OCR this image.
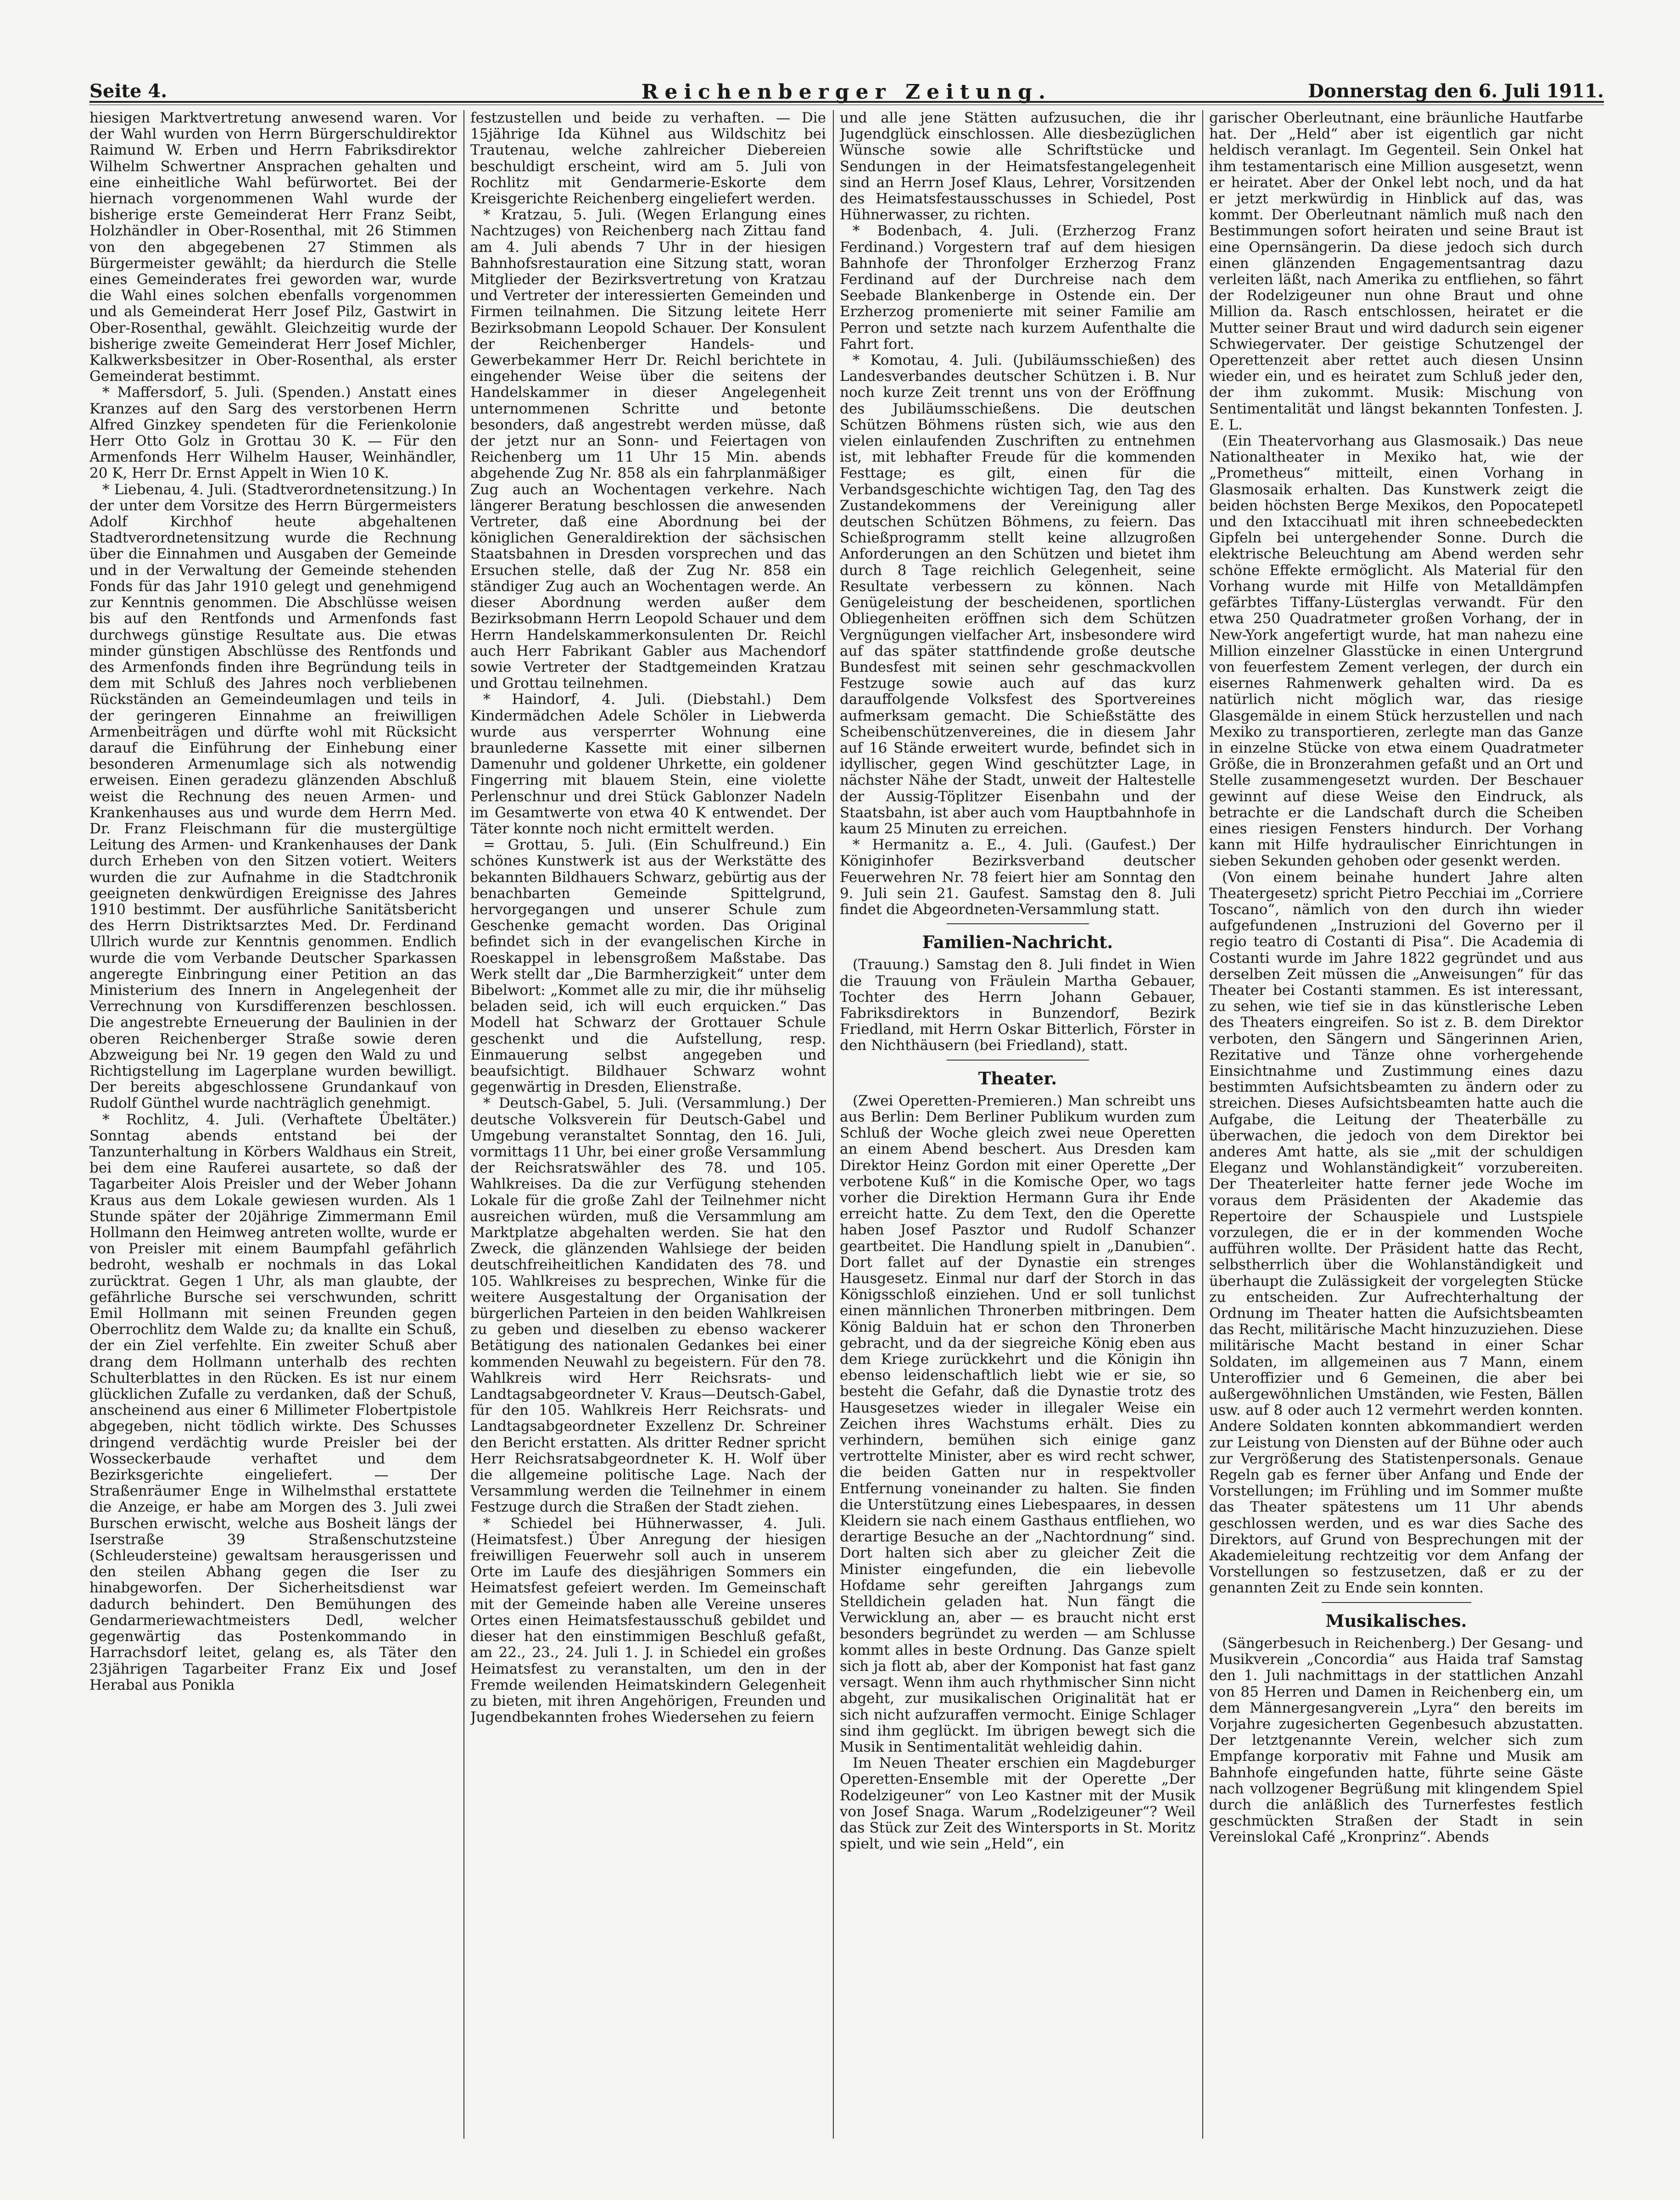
Seite 4.	Reichenberger Zeitung.	Donnerstag den 6. Juli 1911.

hiesigen Marktvertretung anwesend waren. Vor der Wahl wurden von Herrn Bürgerschuldirektor Raimund W. Erben und Herrn Fabriksdirektor Wilhelm Schwertner Ansprachen gehalten und eine einheitliche Wahl befürwortet. Bei der hiernach vorgenommenen Wahl wurde der bisherige erste Gemeinderat Herr Franz Seibt, Holzhändler in Ober-Rosenthal, mit 26 Stimmen von den abgegebenen 27 Stimmen als Bürgermeister gewählt; da hierdurch die Stelle eines Gemeinderates frei geworden war, wurde die Wahl eines solchen ebenfalls vorgenommen und als Gemeinderat Herr Josef Pilz, Gastwirt in Ober-Rosenthal, gewählt. Gleichzeitig wurde der bisherige zweite Gemeinderat Herr Josef Michler, Kalkwerksbesitzer in Ober-Rosenthal, als erster Gemeinderat bestimmt.

* Maffersdorf, 5. Juli. (Spenden.) Anstatt eines Kranzes auf den Sarg des verstorbenen Herrn Alfred Ginzkey spendeten für die Ferienkolonie Herr Otto Golz in Grottau 30 K. — Für den Armenfonds Herr Wilhelm Hauser, Weinhändler, 20 K, Herr Dr. Ernst Appelt in Wien 10 K.

* Liebenau, 4. Juli. (Stadtverordnetensitzung.) In der unter dem Vorsitze des Herrn Bürgermeisters Adolf Kirchhof heute abgehaltenen Stadtverordnetensitzung wurde die Rechnung über die Einnahmen und Ausgaben der Gemeinde und in der Verwaltung der Gemeinde stehenden Fonds für das Jahr 1910 gelegt und genehmigend zur Kenntnis genommen. Die Abschlüsse weisen bis auf den Rentfonds und Armenfonds fast durchwegs günstige Resultate aus. Die etwas minder günstigen Abschlüsse des Rentfonds und des Armenfonds finden ihre Begründung teils in dem mit Schluß des Jahres noch verbliebenen Rückständen an Gemeindeumlagen und teils in der geringeren Einnahme an freiwilligen Armenbeiträgen und dürfte wohl mit Rücksicht darauf die Einführung der Einhebung einer besonderen Armenumlage sich als notwendig erweisen. Einen geradezu glänzenden Abschluß weist die Rechnung des neuen Armen- und Krankenhauses aus und wurde dem Herrn Med. Dr. Franz Fleischmann für die mustergültige Leitung des Armen- und Krankenhauses der Dank durch Erheben von den Sitzen votiert. Weiters wurden die zur Aufnahme in die Stadtchronik geeigneten denkwürdigen Ereignisse des Jahres 1910 bestimmt. Der ausführliche Sanitätsbericht des Herrn Distriktsarztes Med. Dr. Ferdinand Ullrich wurde zur Kenntnis genommen. Endlich wurde die vom Verbande Deutscher Sparkassen angeregte Einbringung einer Petition an das Ministerium des Innern in Angelegenheit der Verrechnung von Kursdifferenzen beschlossen. Die angestrebte Erneuerung der Baulinien in der oberen Reichenberger Straße sowie deren Abzweigung bei Nr. 19 gegen den Wald zu und Richtigstellung im Lagerplane wurden bewilligt. Der bereits abgeschlossene Grundankauf von Rudolf Günthel wurde nachträglich genehmigt.

* Rochlitz, 4. Juli. (Verhaftete Übeltäter.) Sonntag abends entstand bei der Tanzunterhaltung in Körbers Waldhaus ein Streit, bei dem eine Rauferei ausartete, so daß der Tagarbeiter Alois Preisler und der Weber Johann Kraus aus dem Lokale gewiesen wurden. Als 1 Stunde später der 20jährige Zimmermann Emil Hollmann den Heimweg antreten wollte, wurde er von Preisler mit einem Baumpfahl gefährlich bedroht, weshalb er nochmals in das Lokal zurücktrat. Gegen 1 Uhr, als man glaubte, der gefährliche Bursche sei verschwunden, schritt Emil Hollmann mit seinen Freunden gegen Oberrochlitz dem Walde zu; da knallte ein Schuß, der ein Ziel verfehlte. Ein zweiter Schuß aber drang dem Hollmann unterhalb des rechten Schulterblattes in den Rücken. Es ist nur einem glücklichen Zufalle zu verdanken, daß der Schuß, anscheinend aus einer 6 Millimeter Flobertpistole abgegeben, nicht tödlich wirkte. Des Schusses dringend verdächtig wurde Preisler bei der Wosseckerbaude verhaftet und dem Bezirksgerichte eingeliefert. — Der Straßenräumer Enge in Wilhelmsthal erstattete die Anzeige, er habe am Morgen des 3. Juli zwei Burschen erwischt, welche aus Bosheit längs der Iserstraße 39 Straßenschutzsteine (Schleudersteine) gewaltsam herausgerissen und den steilen Abhang gegen die Iser zu hinabgeworfen. Der Sicherheitsdienst war dadurch behindert. Den Bemühungen des Gendarmeriewachtmeisters Dedl, welcher gegenwärtig das Postenkommando in Harrachsdorf leitet, gelang es, als Täter den 23jährigen Tagarbeiter Franz Eix und Josef Herabal aus Ponikla

festzustellen und beide zu verhaften. — Die 15jährige Ida Kühnel aus Wildschitz bei Trautenau, welche zahlreicher Diebereien beschuldigt erscheint, wird am 5. Juli von Rochlitz mit Gendarmerie-Eskorte dem Kreisgerichte Reichenberg eingeliefert werden.

* Kratzau, 5. Juli. (Wegen Erlangung eines Nachtzuges) von Reichenberg nach Zittau fand am 4. Juli abends 7 Uhr in der hiesigen Bahnhofsrestauration eine Sitzung statt, woran Mitglieder der Bezirksvertretung von Kratzau und Vertreter der interessierten Gemeinden und Firmen teilnahmen. Die Sitzung leitete Herr Bezirksobmann Leopold Schauer. Der Konsulent der Reichenberger Handels- und Gewerbekammer Herr Dr. Reichl berichtete in eingehender Weise über die seitens der Handelskammer in dieser Angelegenheit unternommenen Schritte und betonte besonders, daß angestrebt werden müsse, daß der jetzt nur an Sonn- und Feiertagen von Reichenberg um 11 Uhr 15 Min. abends abgehende Zug Nr. 858 als ein fahrplanmäßiger Zug auch an Wochentagen verkehre. Nach längerer Beratung beschlossen die anwesenden Vertreter, daß eine Abordnung bei der königlichen Generaldirektion der sächsischen Staatsbahnen in Dresden vorsprechen und das Ersuchen stelle, daß der Zug Nr. 858 ein ständiger Zug auch an Wochentagen werde. An dieser Abordnung werden außer dem Bezirksobmann Herrn Leopold Schauer und dem Herrn Handelskammerkonsulenten Dr. Reichl auch Herr Fabrikant Gabler aus Machendorf sowie Vertreter der Stadtgemeinden Kratzau und Grottau teilnehmen.

* Haindorf, 4. Juli. (Diebstahl.) Dem Kindermädchen Adele Schöler in Liebwerda wurde aus versperrter Wohnung eine braunlederne Kassette mit einer silbernen Damenuhr und goldener Uhrkette, ein goldener Fingerring mit blauem Stein, eine violette Perlenschnur und drei Stück Gablonzer Nadeln im Gesamtwerte von etwa 40 K entwendet. Der Täter konnte noch nicht ermittelt werden.

= Grottau, 5. Juli. (Ein Schulfreund.) Ein schönes Kunstwerk ist aus der Werkstätte des bekannten Bildhauers Schwarz, gebürtig aus der benachbarten Gemeinde Spittelgrund, hervorgegangen und unserer Schule zum Geschenke gemacht worden. Das Original befindet sich in der evangelischen Kirche in Roeskappel in lebensgroßem Maßstabe. Das Werk stellt dar „Die Barmherzigkeit“ unter dem Bibelwort: „Kommet alle zu mir, die ihr mühselig beladen seid, ich will euch erquicken.“ Das Modell hat Schwarz der Grottauer Schule geschenkt und die Aufstellung, resp. Einmauerung selbst angegeben und beaufsichtigt. Bildhauer Schwarz wohnt gegenwärtig in Dresden, Elienstraße.

* Deutsch-Gabel, 5. Juli. (Versammlung.) Der deutsche Volksverein für Deutsch-Gabel und Umgebung veranstaltet Sonntag, den 16. Juli, vormittags 11 Uhr, bei einer große Versammlung der Reichsratswähler des 78. und 105. Wahlkreises. Da die zur Verfügung stehenden Lokale für die große Zahl der Teilnehmer nicht ausreichen würden, muß die Versammlung am Marktplatze abgehalten werden. Sie hat den Zweck, die glänzenden Wahlsiege der beiden deutschfreiheitlichen Kandidaten des 78. und 105. Wahlkreises zu besprechen, Winke für die weitere Ausgestaltung der Organisation der bürgerlichen Parteien in den beiden Wahlkreisen zu geben und dieselben zu ebenso wackerer Betätigung des nationalen Gedankes bei einer kommenden Neuwahl zu begeistern. Für den 78. Wahlkreis wird Herr Reichsrats- und Landtagsabgeordneter V. Kraus—Deutsch-Gabel, für den 105. Wahlkreis Herr Reichsrats- und Landtagsabgeordneter Exzellenz Dr. Schreiner den Bericht erstatten. Als dritter Redner spricht Herr Reichsratsabgeordneter K. H. Wolf über die allgemeine politische Lage. Nach der Versammlung werden die Teilnehmer in einem Festzuge durch die Straßen der Stadt ziehen.

* Schiedel bei Hühnerwasser, 4. Juli. (Heimatsfest.) Über Anregung der hiesigen freiwilligen Feuerwehr soll auch in unserem Orte im Laufe des diesjährigen Sommers ein Heimatsfest gefeiert werden. Im Gemeinschaft mit der Gemeinde haben alle Vereine unseres Ortes einen Heimatsfestausschuß gebildet und dieser hat den einstimmigen Beschluß gefaßt, am 22., 23., 24. Juli 1. J. in Schiedel ein großes Heimatsfest zu veranstalten, um den in der Fremde weilenden Heimatskindern Gelegenheit zu bieten, mit ihren Angehörigen, Freunden und Jugendbekannten frohes Wiedersehen zu feiern

und alle jene Stätten aufzusuchen, die ihr Jugendglück einschlossen. Alle diesbezüglichen Wünsche sowie alle Schriftstücke und Sendungen in der Heimatsfestangelegenheit sind an Herrn Josef Klaus, Lehrer, Vorsitzenden des Heimatsfestausschusses in Schiedel, Post Hühnerwasser, zu richten.

* Bodenbach, 4. Juli. (Erzherzog Franz Ferdinand.) Vorgestern traf auf dem hiesigen Bahnhofe der Thronfolger Erzherzog Franz Ferdinand auf der Durchreise nach dem Seebade Blankenberge in Ostende ein. Der Erzherzog promenierte mit seiner Familie am Perron und setzte nach kurzem Aufenthalte die Fahrt fort.

* Komotau, 4. Juli. (Jubiläumsschießen) des Landesverbandes deutscher Schützen i. B. Nur noch kurze Zeit trennt uns von der Eröffnung des Jubiläumsschießens. Die deutschen Schützen Böhmens rüsten sich, wie aus den vielen einlaufenden Zuschriften zu entnehmen ist, mit lebhafter Freude für die kommenden Festtage; es gilt, einen für die Verbandsgeschichte wichtigen Tag, den Tag des Zustandekommens der Vereinigung aller deutschen Schützen Böhmens, zu feiern. Das Schießprogramm stellt keine allzugroßen Anforderungen an den Schützen und bietet ihm durch 8 Tage reichlich Gelegenheit, seine Resultate verbessern zu können. Nach Genügeleistung der bescheidenen, sportlichen Obliegenheiten eröffnen sich dem Schützen Vergnügungen vielfacher Art, insbesondere wird auf das später stattfindende große deutsche Bundesfest mit seinen sehr geschmackvollen Festzuge sowie auch auf das kurz darauffolgende Volksfest des Sportvereines aufmerksam gemacht. Die Schießstätte des Scheibenschützenvereines, die in diesem Jahr auf 16 Stände erweitert wurde, befindet sich in idyllischer, gegen Wind geschützter Lage, in nächster Nähe der Stadt, unweit der Haltestelle der Aussig-Töplitzer Eisenbahn und der Staatsbahn, ist aber auch vom Hauptbahnhofe in kaum 25 Minuten zu erreichen.

* Hermanitz a. E., 4. Juli. (Gaufest.) Der Königinhofer Bezirksverband deutscher Feuerwehren Nr. 78 feiert hier am Sonntag den 9. Juli sein 21. Gaufest. Samstag den 8. Juli findet die Abgeordneten-Versammlung statt.

Familien-Nachricht.

(Trauung.) Samstag den 8. Juli findet in Wien die Trauung von Fräulein Martha Gebauer, Tochter des Herrn Johann Gebauer, Fabriksdirektors in Bunzendorf, Bezirk Friedland, mit Herrn Oskar Bitterlich, Förster in den Nichthäusern (bei Friedland), statt.

Theater.

(Zwei Operetten-Premieren.) Man schreibt uns aus Berlin: Dem Berliner Publikum wurden zum Schluß der Woche gleich zwei neue Operetten an einem Abend beschert. Aus Dresden kam Direktor Heinz Gordon mit einer Operette „Der verbotene Kuß“ in die Komische Oper, wo tags vorher die Direktion Hermann Gura ihr Ende erreicht hatte. Zu dem Text, den die Operette haben Josef Pasztor und Rudolf Schanzer geartbeitet. Die Handlung spielt in „Danubien“. Dort fallet auf der Dynastie ein strenges Hausgesetz. Einmal nur darf der Storch in das Königsschloß einziehen. Und er soll tunlichst einen männlichen Thronerben mitbringen. Dem König Balduin hat er schon den Thronerben gebracht, und da der siegreiche König eben aus dem Kriege zurückkehrt und die Königin ihn ebenso leidenschaftlich liebt wie er sie, so besteht die Gefahr, daß die Dynastie trotz des Hausgesetzes wieder in illegaler Weise ein Zeichen ihres Wachstums erhält. Dies zu verhindern, bemühen sich einige ganz vertrottelte Minister, aber es wird recht schwer, die beiden Gatten nur in respektvoller Entfernung voneinander zu halten. Sie finden die Unterstützung eines Liebespaares, in dessen Kleidern sie nach einem Gasthaus entfliehen, wo derartige Besuche an der „Nachtordnung“ sind. Dort halten sich aber zu gleicher Zeit die Minister eingefunden, die ein liebevolle Hofdame sehr gereiften Jahrgangs zum Stelldichein geladen hat. Nun fängt die Verwicklung an, aber — es braucht nicht erst besonders begründet zu werden — am Schlusse kommt alles in beste Ordnung. Das Ganze spielt sich ja flott ab, aber der Komponist hat fast ganz versagt. Wenn ihm auch rhythmischer Sinn nicht abgeht, zur musikalischen Originalität hat er sich nicht aufzuraffen vermocht. Einige Schlager sind ihm geglückt. Im übrigen bewegt sich die Musik in Sentimentalität wehleidig dahin.

Im Neuen Theater erschien ein Magdeburger Operetten-Ensemble mit der Operette „Der Rodelzigeuner“ von Leo Kastner mit der Musik von Josef Snaga. Warum „Rodelzigeuner“? Weil das Stück zur Zeit des Wintersports in St. Moritz spielt, und wie sein „Held“, ein

garischer Oberleutnant, eine bräunliche Hautfarbe hat. Der „Held“ aber ist eigentlich gar nicht heldisch veranlagt. Im Gegenteil. Sein Onkel hat ihm testamentarisch eine Million ausgesetzt, wenn er heiratet. Aber der Onkel lebt noch, und da hat er jetzt merkwürdig in Hinblick auf das, was kommt. Der Oberleutnant nämlich muß nach den Bestimmungen sofort heiraten und seine Braut ist eine Opernsängerin. Da diese jedoch sich durch einen glänzenden Engagementsantrag dazu verleiten läßt, nach Amerika zu entfliehen, so fährt der Rodelzigeuner nun ohne Braut und ohne Million da. Rasch entschlossen, heiratet er die Mutter seiner Braut und wird dadurch sein eigener Schwiegervater. Der geistige Schutzengel der Operettenzeit aber rettet auch diesen Unsinn wieder ein, und es heiratet zum Schluß jeder den, der ihm zukommt. Musik: Mischung von Sentimentalität und längst bekannten Tonfesten. J. E. L.

(Ein Theatervorhang aus Glasmosaik.) Das neue Nationaltheater in Mexiko hat, wie der „Prometheus“ mitteilt, einen Vorhang in Glasmosaik erhalten. Das Kunstwerk zeigt die beiden höchsten Berge Mexikos, den Popocatepetl und den Ixtaccihuatl mit ihren schneebedeckten Gipfeln bei untergehender Sonne. Durch die elektrische Beleuchtung am Abend werden sehr schöne Effekte ermöglicht. Als Material für den Vorhang wurde mit Hilfe von Metalldämpfen gefärbtes Tiffany-Lüsterglas verwandt. Für den etwa 250 Quadratmeter großen Vorhang, der in New-York angefertigt wurde, hat man nahezu eine Million einzelner Glasstücke in einen Untergrund von feuerfestem Zement verlegen, der durch ein eisernes Rahmenwerk gehalten wird. Da es natürlich nicht möglich war, das riesige Glasgemälde in einem Stück herzustellen und nach Mexiko zu transportieren, zerlegte man das Ganze in einzelne Stücke von etwa einem Quadratmeter Größe, die in Bronzerahmen gefaßt und an Ort und Stelle zusammengesetzt wurden. Der Beschauer gewinnt auf diese Weise den Eindruck, als betrachte er die Landschaft durch die Scheiben eines riesigen Fensters hindurch. Der Vorhang kann mit Hilfe hydraulischer Einrichtungen in sieben Sekunden gehoben oder gesenkt werden.

(Von einem beinahe hundert Jahre alten Theatergesetz) spricht Pietro Pecchiai im „Corriere Toscano“, nämlich von den durch ihn wieder aufgefundenen „Instruzioni del Governo per il regio teatro di Costanti di Pisa“. Die Academia di Costanti wurde im Jahre 1822 gegründet und aus derselben Zeit müssen die „Anweisungen“ für das Theater bei Costanti stammen. Es ist interessant, zu sehen, wie tief sie in das künstlerische Leben des Theaters eingreifen. So ist z. B. dem Direktor verboten, den Sängern und Sängerinnen Arien, Rezitative und Tänze ohne vorhergehende Einsichtnahme und Zustimmung eines dazu bestimmten Aufsichtsbeamten zu ändern oder zu streichen. Dieses Aufsichtsbeamten hatte auch die Aufgabe, die Leitung der Theaterbälle zu überwachen, die jedoch von dem Direktor bei anderes Amt hatte, als sie „mit der schuldigen Eleganz und Wohlanständigkeit“ vorzubereiten. Der Theaterleiter hatte ferner jede Woche im voraus dem Präsidenten der Akademie das Repertoire der Schauspiele und Lustspiele vorzulegen, die er in der kommenden Woche aufführen wollte. Der Präsident hatte das Recht, selbstherrlich über die Wohlanständigkeit und überhaupt die Zulässigkeit der vorgelegten Stücke zu entscheiden. Zur Aufrechterhaltung der Ordnung im Theater hatten die Aufsichtsbeamten das Recht, militärische Macht hinzuzuziehen. Diese militärische Macht bestand in einer Schar Soldaten, im allgemeinen aus 7 Mann, einem Unteroffizier und 6 Gemeinen, die aber bei außergewöhnlichen Umständen, wie Festen, Bällen usw. auf 8 oder auch 12 vermehrt werden konnten. Andere Soldaten konnten abkommandiert werden zur Leistung von Diensten auf der Bühne oder auch zur Vergrößerung des Statistenpersonals. Genaue Regeln gab es ferner über Anfang und Ende der Vorstellungen; im Frühling und im Sommer mußte das Theater spätestens um 11 Uhr abends geschlossen werden, und es war dies Sache des Direktors, auf Grund von Besprechungen mit der Akademieleitung rechtzeitig vor dem Anfang der Vorstellungen so festzusetzen, daß er zu der genannten Zeit zu Ende sein konnten.

Musikalisches.

(Sängerbesuch in Reichenberg.) Der Gesang- und Musikverein „Concordia“ aus Haida traf Samstag den 1. Juli nachmittags in der stattlichen Anzahl von 85 Herren und Damen in Reichenberg ein, um dem Männergesangverein „Lyra“ den bereits im Vorjahre zugesicherten Gegenbesuch abzustatten. Der letztgenannte Verein, welcher sich zum Empfange korporativ mit Fahne und Musik am Bahnhofe eingefunden hatte, führte seine Gäste nach vollzogener Begrüßung mit klingendem Spiel durch die anläßlich des Turnerfestes festlich geschmückten Straßen der Stadt in sein Vereinslokal Café „Kronprinz“. Abends
